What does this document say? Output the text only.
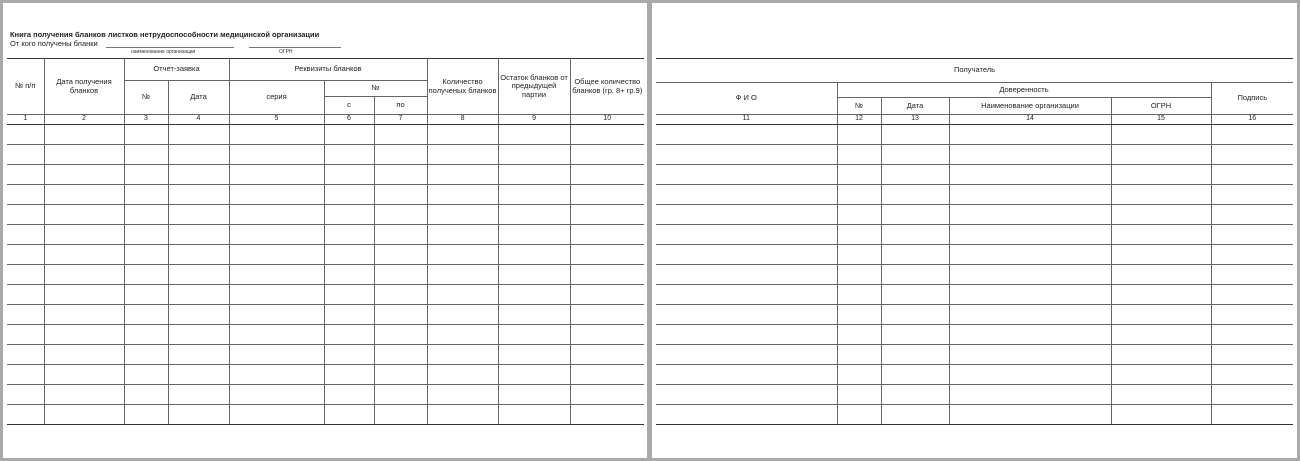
Книга получения бланков листков нетрудоспособности медицинской организации
От кого получены бланки
наименование организации	ОГРН
№ п/п	Дата получения бланков	Отчет-заявка		Реквизиты бланков			Количество полученых бланков	Остаток бланков от предыдущей партии	Общее количество бланков (гр. 8+ гр.9)
		№	Дата	серия	№				
					с	по			
1	2	3	4	5	6	7	8	9	10

Получатель					
Ф И О	Доверенность				Подпись
	№	Дата	Наименование организации	ОГРН	
11	12	13	14	15	16
